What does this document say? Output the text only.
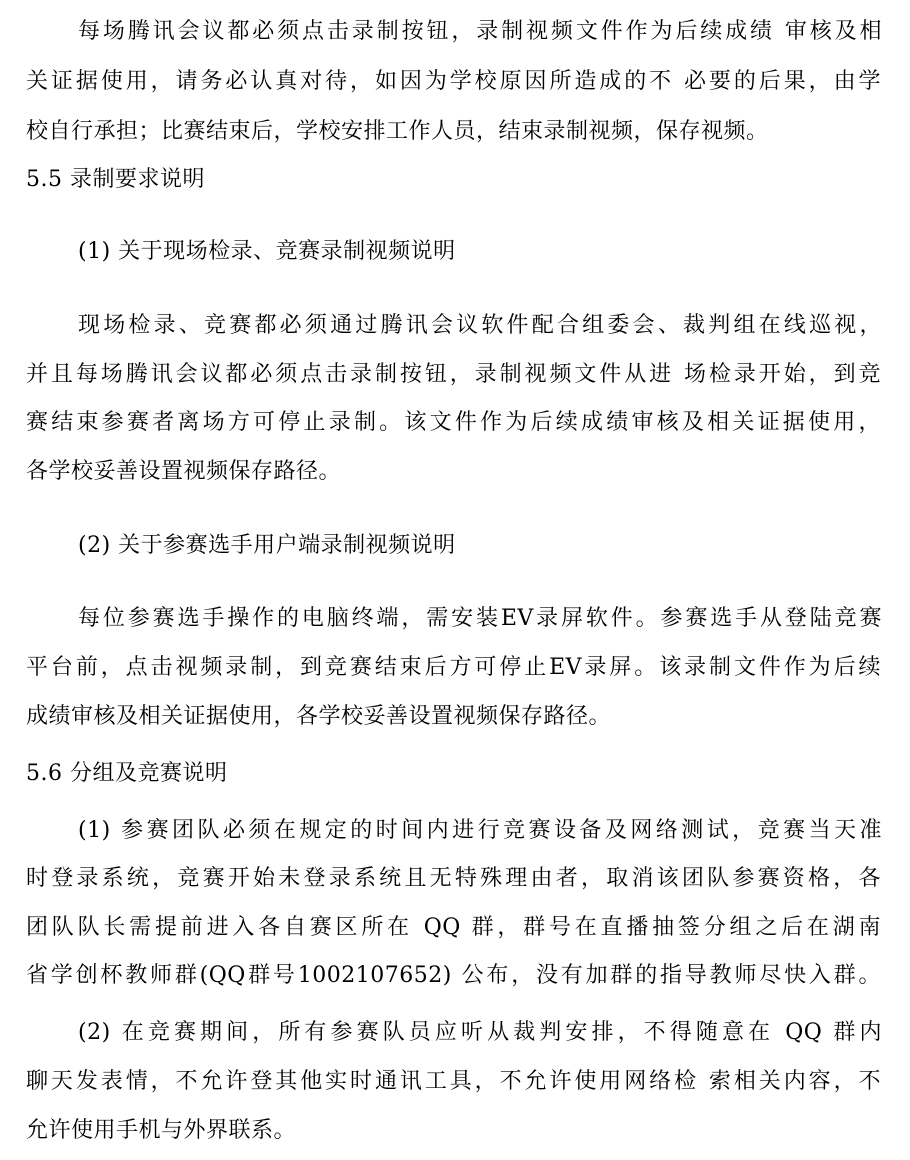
每场腾讯会议都必须点击录制按钮，录制视频文件作为后续成绩 审核及相
关证据使用，请务必认真对待，如因为学校原因所造成的不 必要的后果，由学
校自行承担；比赛结束后，学校安排工作人员，结束录制视频，保存视频。
5.5 录制要求说明
(1) 关于现场检录、竞赛录制视频说明
现场检录、竞赛都必须通过腾讯会议软件配合组委会、裁判组在线巡视，
并且每场腾讯会议都必须点击录制按钮，录制视频文件从进 场检录开始，到竞
赛结束参赛者离场方可停止录制。该文件作为后续成绩审核及相关证据使用，
各学校妥善设置视频保存路径。
(2) 关于参赛选手用户端录制视频说明
每位参赛选手操作的电脑终端，需安装EV录屏软件。参赛选手从登陆竞赛
平台前，点击视频录制，到竞赛结束后方可停止EV录屏。该录制文件作为后续
成绩审核及相关证据使用，各学校妥善设置视频保存路径。
5.6 分组及竞赛说明
(1) 参赛团队必须在规定的时间内进行竞赛设备及网络测试，竞赛当天准
时登录系统，竞赛开始未登录系统且无特殊理由者，取消该团队参赛资格，各
团队队长需提前进入各自赛区所在 QQ 群，群号在直播抽签分组之后在湖南
省学创杯教师群(QQ群号1002107652) 公布，没有加群的指导教师尽快入群。
(2) 在竞赛期间，所有参赛队员应听从裁判安排，不得随意在 QQ 群内
聊天发表情，不允许登其他实时通讯工具，不允许使用网络检 索相关内容，不
允许使用手机与外界联系。
